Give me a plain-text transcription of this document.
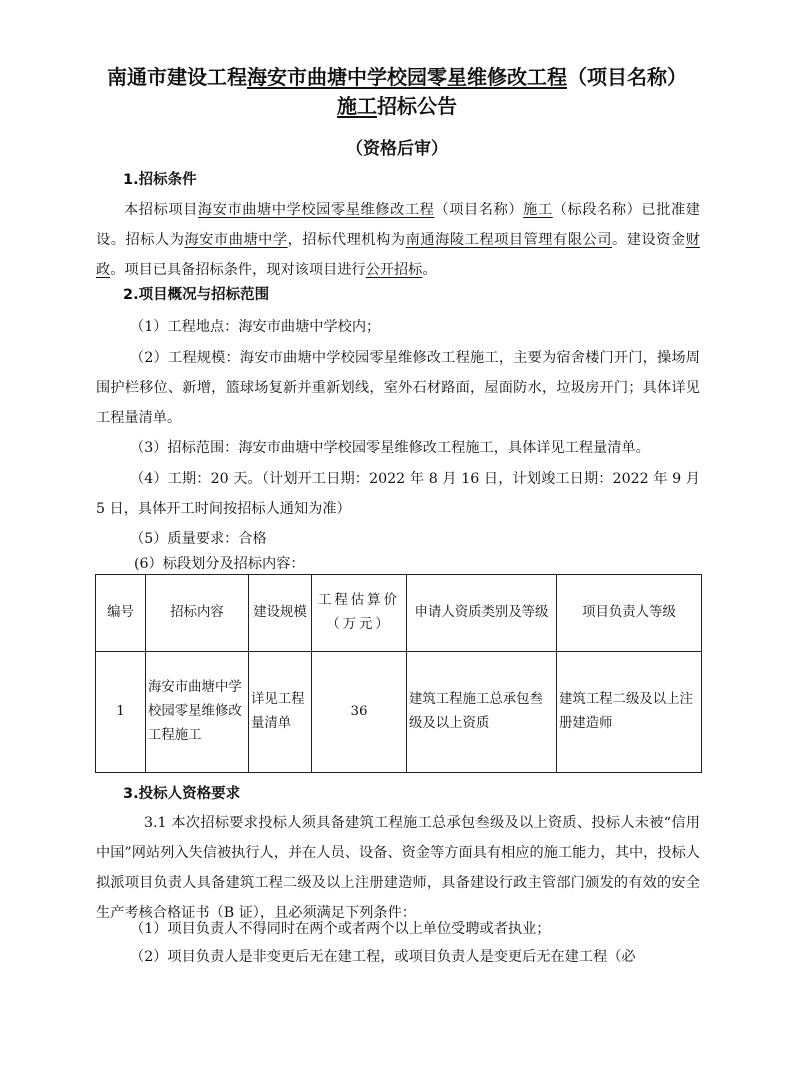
南通市建设工程海安市曲塘中学校园零星维修改工程（项目名称）
施工招标公告
（资格后审）
1.招标条件
本招标项目海安市曲塘中学校园零星维修改工程（项目名称）施工（标段名称）已批准建设。招标人为海安市曲塘中学，招标代理机构为南通海陵工程项目管理有限公司。建设资金财政。项目已具备招标条件，现对该项目进行公开招标。
2.项目概况与招标范围
（1）工程地点：海安市曲塘中学校内；
（2）工程规模：海安市曲塘中学校园零星维修改工程施工，主要为宿舍楼门开门，操场周围护栏移位、新增，篮球场复新并重新划线，室外石材路面，屋面防水，垃圾房开门；具体详见工程量清单。
（3）招标范围：海安市曲塘中学校园零星维修改工程施工，具体详见工程量清单。
（4）工期：20 天。（计划开工日期：2022 年 8 月 16 日，计划竣工日期：2022 年 9 月 5 日，具体开工时间按招标人通知为准）
（5）质量要求：合格
(6）标段划分及招标内容：
编号	招标内容	建设规模	工程估算价（万元）	申请人资质类别及等级	项目负责人等级
1	海安市曲塘中学校园零星维修改工程施工	详见工程量清单	36	建筑工程施工总承包叁级及以上资质	建筑工程二级及以上注册建造师
3.投标人资格要求
3.1 本次招标要求投标人须具备建筑工程施工总承包叁级及以上资质、投标人未被“信用中国”网站列入失信被执行人，并在人员、设备、资金等方面具有相应的施工能力，其中，投标人拟派项目负责人具备建筑工程二级及以上注册建造师，具备建设行政主管部门颁发的有效的安全生产考核合格证书（B 证），且必须满足下列条件：
（1）项目负责人不得同时在两个或者两个以上单位受聘或者执业；
（2）项目负责人是非变更后无在建工程，或项目负责人是变更后无在建工程（必
